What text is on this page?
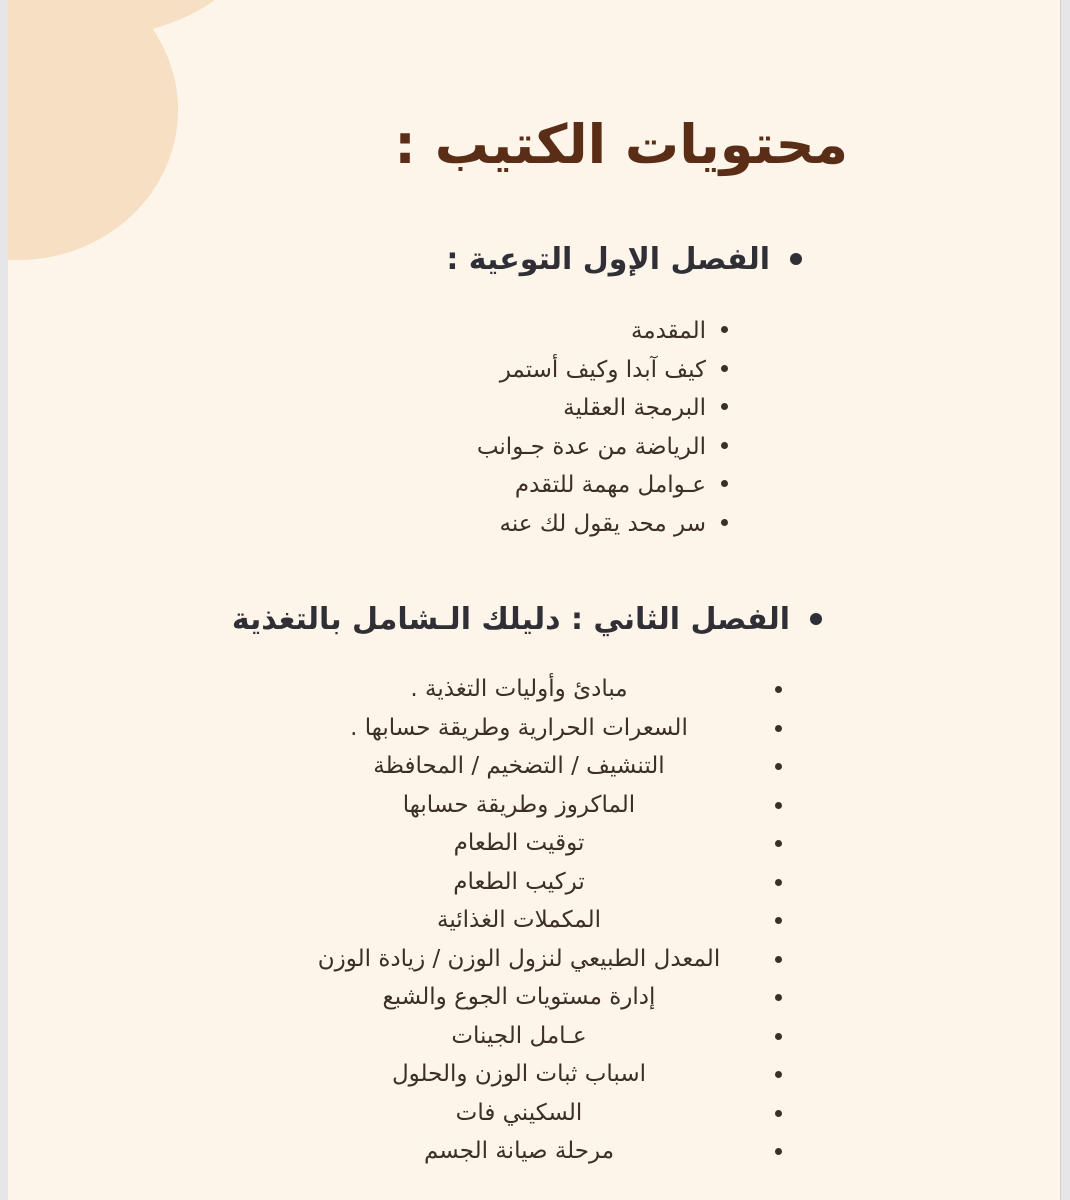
محتويات الكتيب :
الفصل الإول التوعية :
المقدمة
كيف آبدا وكيف أستمر
البرمجة العقلية
الرياضة من عدة جـوانب
عـوامل مهمة للتقدم
سر محد يقول لك عنه
الفصل الثاني : دليلك الـشامل بالتغذية
مبادئ وأوليات التغذية .
السعرات الحرارية وطريقة حسابها .
التنشيف / التضخيم / المحافظة
الماكروز وطريقة حسابها
توقيت الطعام
تركيب الطعام
المكملات الغذائية
المعدل الطبيعي لنزول الوزن / زيادة الوزن
إدارة مستويات الجوع والشبع
عـامل الجينات
اسباب ثبات الوزن والحلول
السكيني فات
مرحلة صيانة الجسم
